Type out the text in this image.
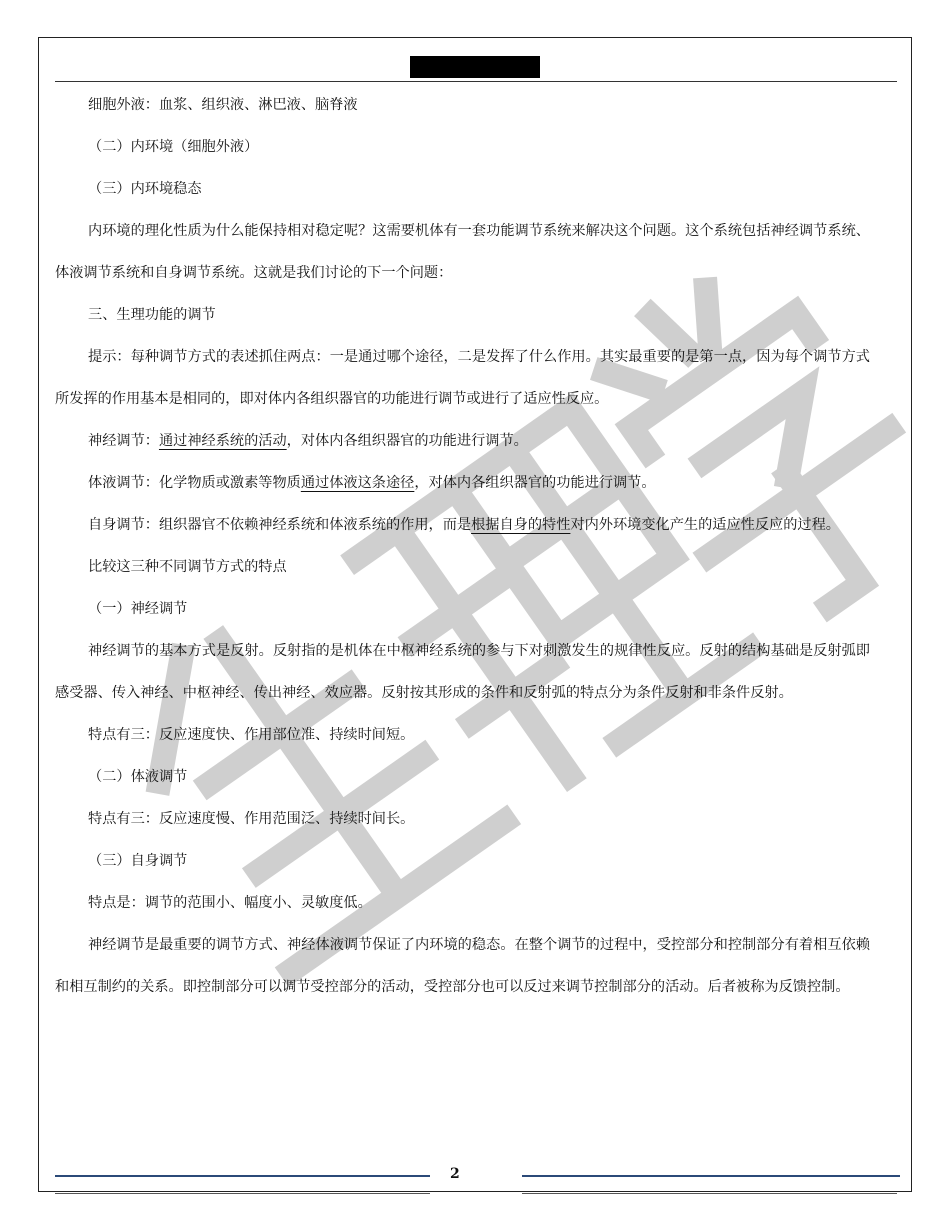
细胞外液：血浆、组织液、淋巴液、脑脊液

（二）内环境（细胞外液）

（三）内环境稳态

内环境的理化性质为什么能保持相对稳定呢？这需要机体有一套功能调节系统来解决这个问题。这个系统包括神经调节系统、体液调节系统和自身调节系统。这就是我们讨论的下一个问题：

三、生理功能的调节

提示：每种调节方式的表述抓住两点：一是通过哪个途径，二是发挥了什么作用。其实最重要的是第一点，因为每个调节方式所发挥的作用基本是相同的，即对体内各组织器官的功能进行调节或进行了适应性反应。

神经调节：通过神经系统的活动，对体内各组织器官的功能进行调节。

体液调节：化学物质或激素等物质通过体液这条途径，对体内各组织器官的功能进行调节。

自身调节：组织器官不依赖神经系统和体液系统的作用，而是根据自身的特性对内外环境变化产生的适应性反应的过程。

比较这三种不同调节方式的特点

（一）神经调节

神经调节的基本方式是反射。反射指的是机体在中枢神经系统的参与下对刺激发生的规律性反应。反射的结构基础是反射弧即感受器、传入神经、中枢神经、传出神经、效应器。反射按其形成的条件和反射弧的特点分为条件反射和非条件反射。

特点有三：反应速度快、作用部位准、持续时间短。

（二）体液调节

特点有三：反应速度慢、作用范围泛、持续时间长。

（三）自身调节

特点是：调节的范围小、幅度小、灵敏度低。

神经调节是最重要的调节方式、神经体液调节保证了内环境的稳态。在整个调节的过程中，受控部分和控制部分有着相互依赖和相互制约的关系。即控制部分可以调节受控部分的活动，受控部分也可以反过来调节控制部分的活动。后者被称为反馈控制。

2
